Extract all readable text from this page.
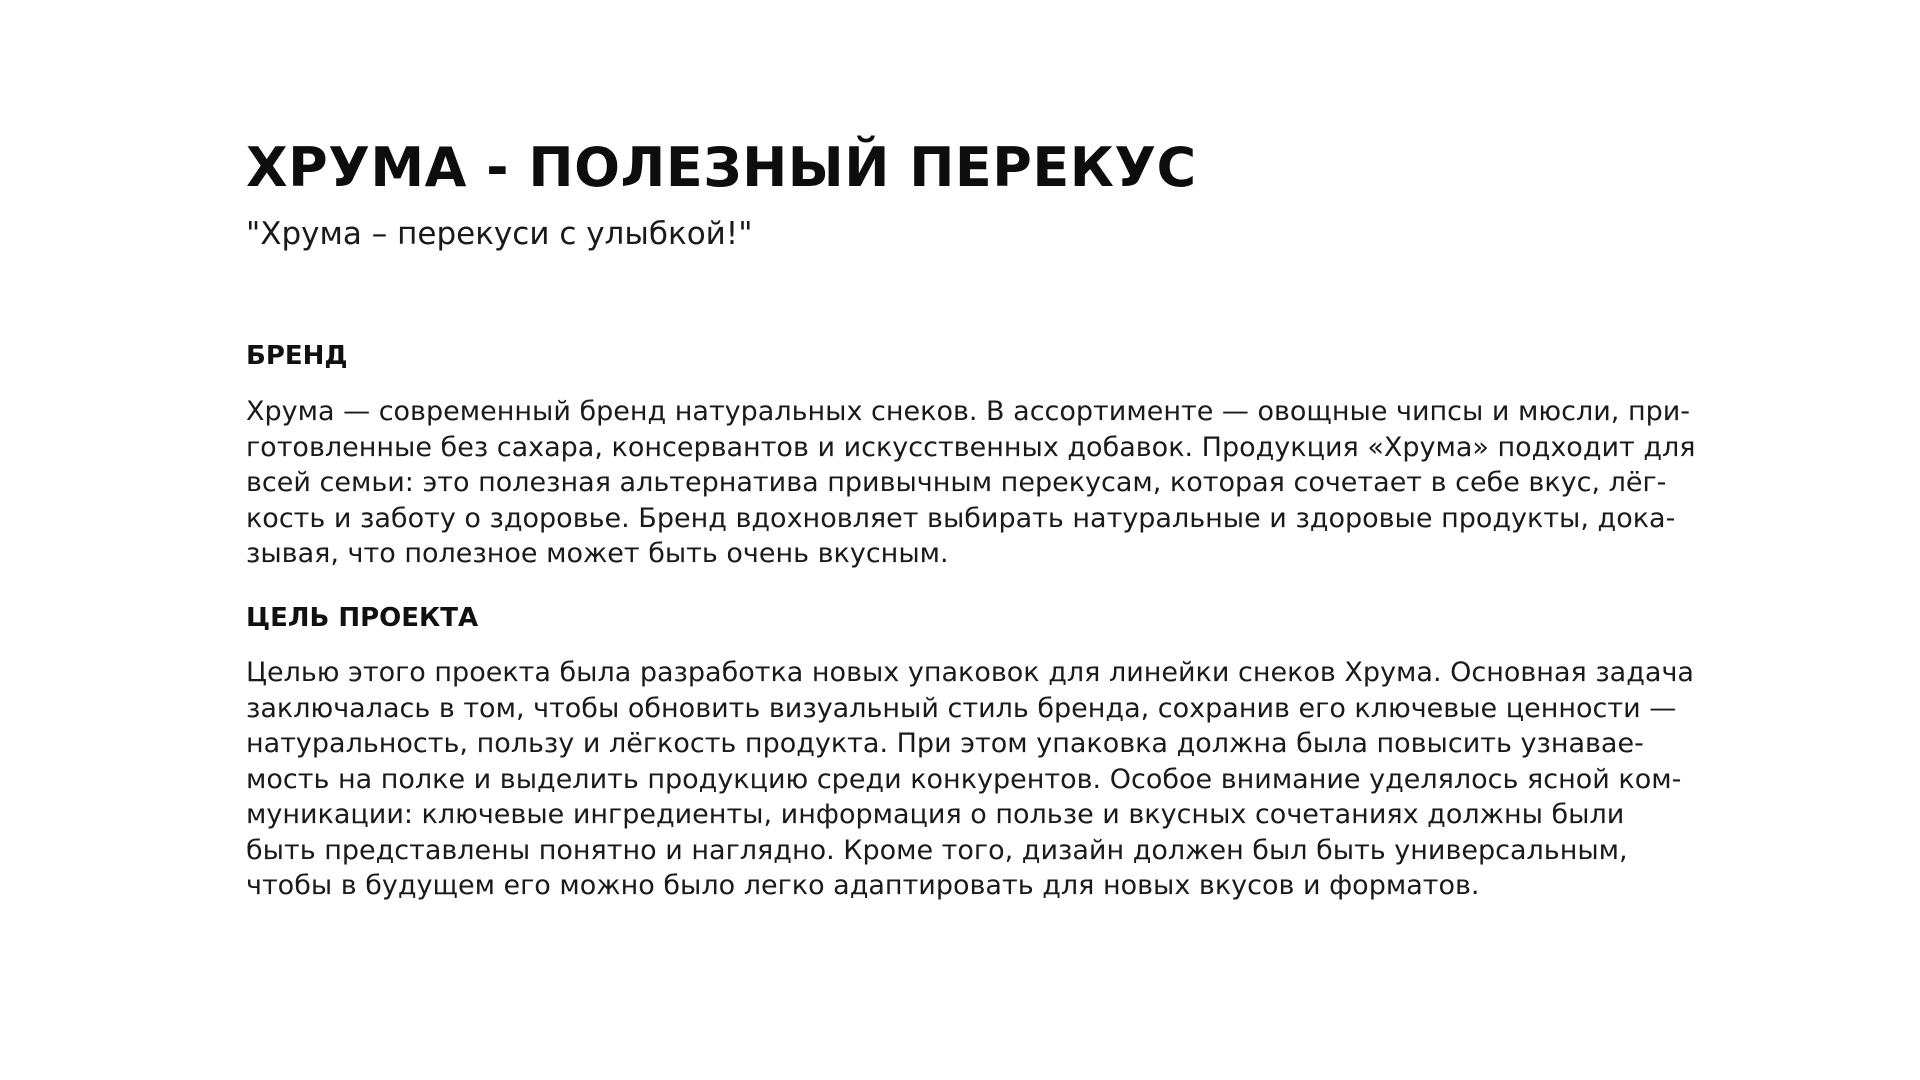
ХРУМА - ПОЛЕЗНЫЙ ПЕРЕКУС
"Хрума – перекуси с улыбкой!"
БРЕНД
Хрума — современный бренд натуральных снеков. В ассортименте — овощные чипсы и мюсли, при-
готовленные без сахара, консервантов и искусственных добавок. Продукция «Хрума» подходит для
всей семьи: это полезная альтернатива привычным перекусам, которая сочетает в себе вкус, лёг-
кость и заботу о здоровье. Бренд вдохновляет выбирать натуральные и здоровые продукты, дока-
зывая, что полезное может быть очень вкусным.
ЦЕЛЬ ПРОЕКТА
Целью этого проекта была разработка новых упаковок для линейки снеков Хрума. Основная задача
заключалась в том, чтобы обновить визуальный стиль бренда, сохранив его ключевые ценности —
натуральность, пользу и лёгкость продукта. При этом упаковка должна была повысить узнавае-
мость на полке и выделить продукцию среди конкурентов. Особое внимание уделялось ясной ком-
муникации: ключевые ингредиенты, информация о пользе и вкусных сочетаниях должны были
быть представлены понятно и наглядно. Кроме того, дизайн должен был быть универсальным,
чтобы в будущем его можно было легко адаптировать для новых вкусов и форматов.
